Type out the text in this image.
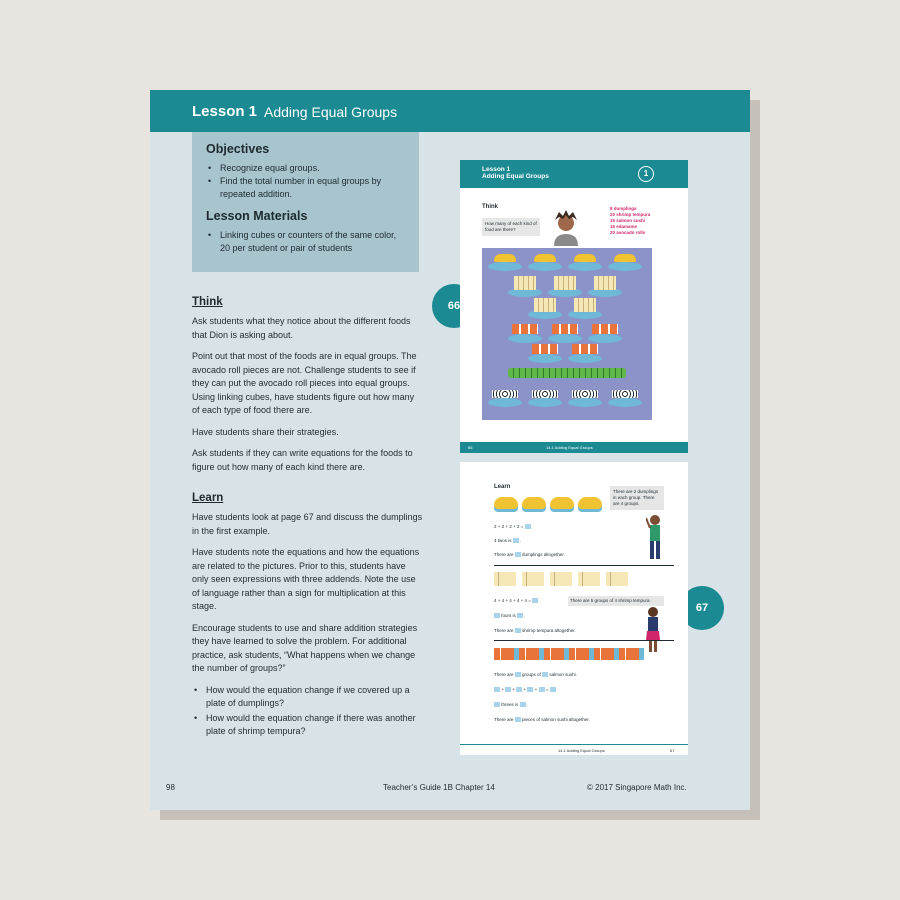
Lesson 1 Adding Equal Groups
Objectives
• Recognize equal groups.
• Find the total number in equal groups by repeated addition.
Lesson Materials
• Linking cubes or counters of the same color, 20 per student or pair of students
Think

Ask students what they notice about the different foods that Dion is asking about.

Point out that most of the foods are in equal groups. The avocado roll pieces are not. Challenge students to see if they can put the avocado roll pieces into equal groups. Using linking cubes, have students figure out how many of each type of food there are.

Have students share their strategies.

Ask students if they can write equations for the foods to figure out how many of each kind there are.

Learn

Have students look at page 67 and discuss the dumplings in the first example.

Have students note the equations and how the equations are related to the pictures. Prior to this, students have only seen expressions with three addends. Note the use of language rather than a sign for multiplication at this stage.

Encourage students to use and share addition strategies they have learned to solve the problem. For additional practice, ask students, “What happens when we change the number of groups?”

• How would the equation change if we covered up a plate of dumplings?
• How would the equation change if there was another plate of shrimp tempura?
98	Teacher’s Guide 1B Chapter 14	© 2017 Singapore Math Inc.
66
67
Lesson 1
Adding Equal Groups	1
Think
How many of each kind of food are there?
8 dumplings
20 shrimp tempura
15 salmon sushi
15 edamame
20 avocado rolls
66	14.1 Adding Equal Groups
Learn
There are 2 dumplings in each group. There are 4 groups.
2 + 2 + 2 + 2 =
4 twos is  .
There are dumplings altogether.
4 + 4 + 4 + 4 + 4 =	There are 5 groups of 4 shrimp tempura.
fours is  .
There are shrimp tempura altogether.
There are groups of salmon sushi.
+  +  +  +  =
threes is  .
There are pieces of salmon sushi altogether.
14.1 Adding Equal Groups	67
